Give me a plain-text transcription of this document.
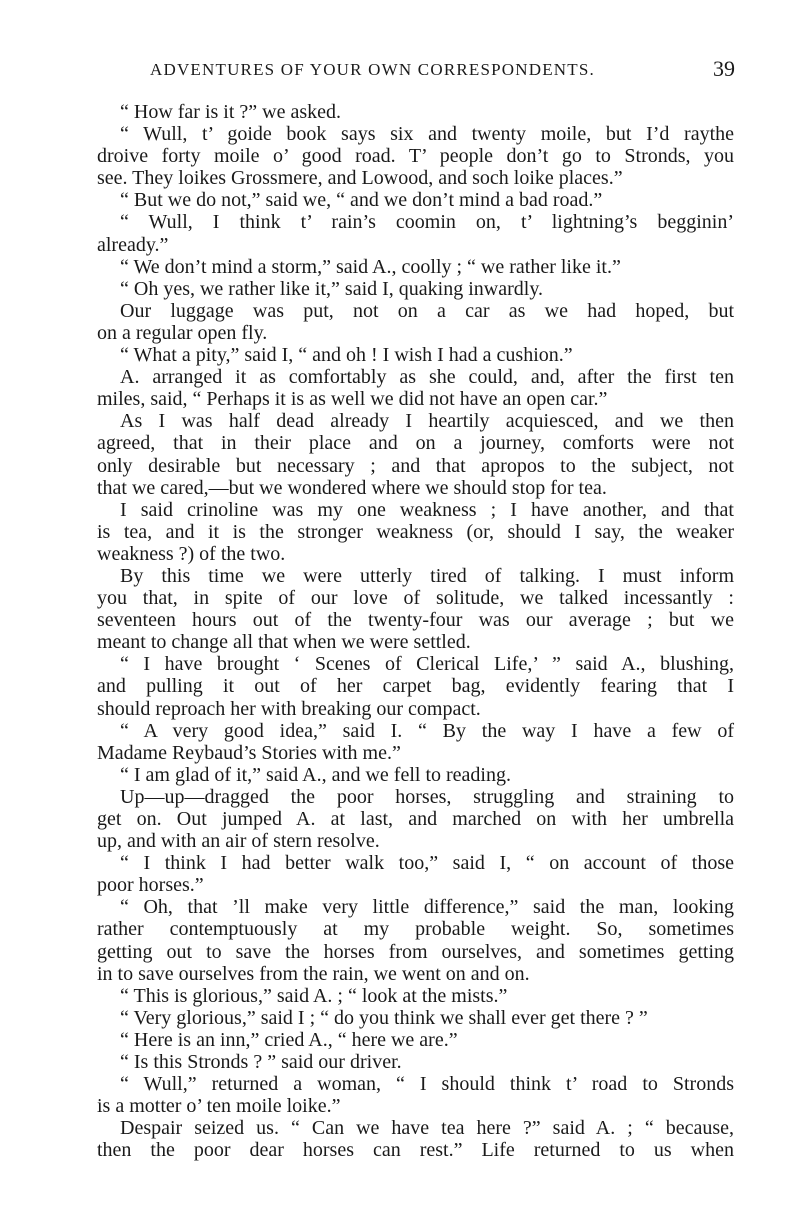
ADVENTURES OF YOUR OWN CORRESPONDENTS.	39
“ How far is it ?” we asked.
“ Wull, t’ goide book says six and twenty moile, but I’d raythe
droive forty moile o’ good road. T’ people don’t go to Stronds, you
see. They loikes Grossmere, and Lowood, and soch loike places.”
“ But we do not,” said we, “ and we don’t mind a bad road.”
“ Wull, I think t’ rain’s coomin on, t’ lightning’s begginin’
already.”
“ We don’t mind a storm,” said A., coolly ; “ we rather like it.”
“ Oh yes, we rather like it,” said I, quaking inwardly.
Our luggage was put, not on a car as we had hoped, but
on a regular open fly.
“ What a pity,” said I, “ and oh ! I wish I had a cushion.”
A. arranged it as comfortably as she could, and, after the first ten
miles, said, “ Perhaps it is as well we did not have an open car.”
As I was half dead already I heartily acquiesced, and we then
agreed, that in their place and on a journey, comforts were not
only desirable but necessary ; and that apropos to the subject, not
that we cared,—but we wondered where we should stop for tea.
I said crinoline was my one weakness ; I have another, and that
is tea, and it is the stronger weakness (or, should I say, the weaker
weakness ?) of the two.
By this time we were utterly tired of talking. I must inform
you that, in spite of our love of solitude, we talked incessantly :
seventeen hours out of the twenty-four was our average ; but we
meant to change all that when we were settled.
“ I have brought ‘ Scenes of Clerical Life,’ ” said A., blushing,
and pulling it out of her carpet bag, evidently fearing that I
should reproach her with breaking our compact.
“ A very good idea,” said I. “ By the way I have a few of
Madame Reybaud’s Stories with me.”
“ I am glad of it,” said A., and we fell to reading.
Up—up—dragged the poor horses, struggling and straining to
get on. Out jumped A. at last, and marched on with her umbrella
up, and with an air of stern resolve.
“ I think I had better walk too,” said I, “ on account of those
poor horses.”
“ Oh, that ’ll make very little difference,” said the man, looking
rather contemptuously at my probable weight. So, sometimes
getting out to save the horses from ourselves, and sometimes getting
in to save ourselves from the rain, we went on and on.
“ This is glorious,” said A. ; “ look at the mists.”
“ Very glorious,” said I ; “ do you think we shall ever get there ? ”
“ Here is an inn,” cried A., “ here we are.”
“ Is this Stronds ? ” said our driver.
“ Wull,” returned a woman, “ I should think t’ road to Stronds
is a motter o’ ten moile loike.”
Despair seized us. “ Can we have tea here ?” said A. ; “ because,
then the poor dear horses can rest.” Life returned to us when
